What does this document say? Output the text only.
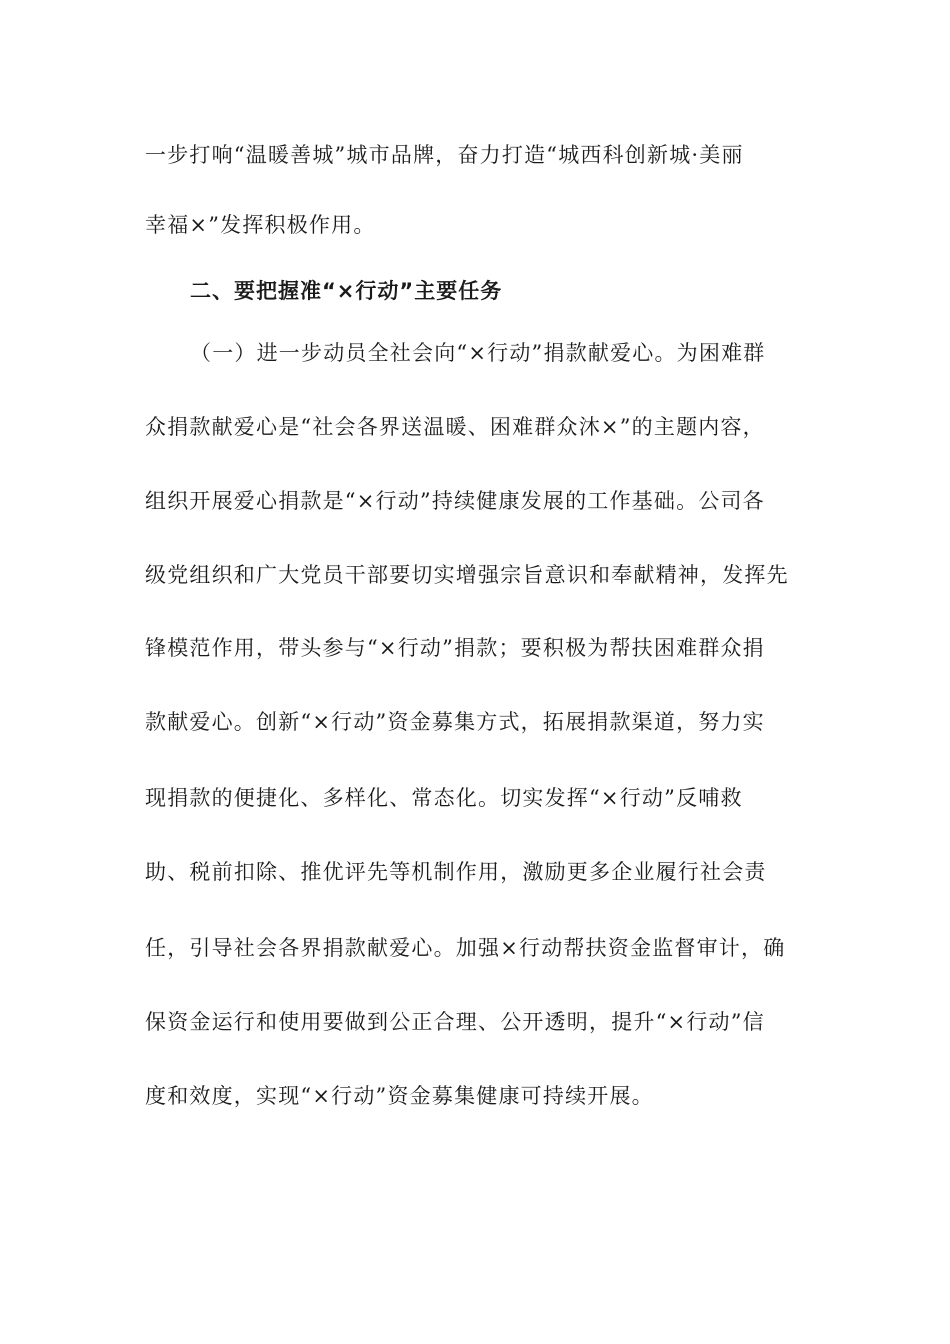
一步打响“温暖善城”城市品牌，奋力打造“城西科创新城·美丽
幸福×”发挥积极作用。
二、要把握准“×行动”主要任务
（一）进一步动员全社会向“×行动”捐款献爱心。为困难群
众捐款献爱心是“社会各界送温暖、困难群众沐×”的主题内容，
组织开展爱心捐款是“×行动”持续健康发展的工作基础。公司各
级党组织和广大党员干部要切实增强宗旨意识和奉献精神，发挥先
锋模范作用，带头参与“×行动”捐款；要积极为帮扶困难群众捐
款献爱心。创新“×行动”资金募集方式，拓展捐款渠道，努力实
现捐款的便捷化、多样化、常态化。切实发挥“×行动”反哺救
助、税前扣除、推优评先等机制作用，激励更多企业履行社会责
任，引导社会各界捐款献爱心。加强×行动帮扶资金监督审计，确
保资金运行和使用要做到公正合理、公开透明，提升“×行动”信
度和效度，实现“×行动”资金募集健康可持续开展。
